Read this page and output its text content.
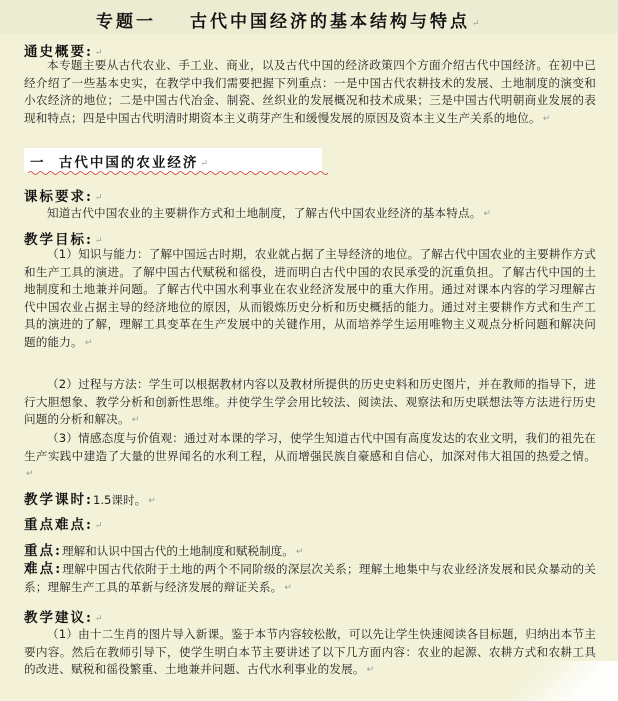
专题一 古代中国经济的基本结构与特点 ↵
通史概要: ↵
本专题主要从古代农业、手工业、商业，以及古代中国的经济政策四个方面介绍古代中国经济。在初中已经介绍了一些基本史实，在教学中我们需要把握下列重点：一是中国古代农耕技术的发展、土地制度的演变和小农经济的地位；二是中国古代冶金、制瓷、丝织业的发展概况和技术成果；三是中国古代明朝商业发展的表现和特点；四是中国古代明清时期资本主义萌芽产生和缓慢发展的原因及资本主义生产关系的地位。 ↵
一  古代中国的农业经济 ↵
课标要求: ↵
知道古代中国农业的主要耕作方式和土地制度，了解古代中国农业经济的基本特点。 ↵
教学目标: ↵
（1）知识与能力：了解中国远古时期，农业就占据了主导经济的地位。了解古代中国农业的主要耕作方式和生产工具的演进。了解中国古代赋税和徭役，进而明白古代中国的农民承受的沉重负担。了解古代中国的土地制度和土地兼并问题。了解古代中国水利事业在农业经济发展中的重大作用。通过对课本内容的学习理解古代中国农业占据主导的经济地位的原因，从而锻炼历史分析和历史概括的能力。通过对主要耕作方式和生产工具的演进的了解，理解工具变革在生产发展中的关键作用，从而培养学生运用唯物主义观点分析问题和解决问题的能力。 ↵
（2）过程与方法：学生可以根据教材内容以及教材所提供的历史史料和历史图片，并在教师的指导下，进行大胆想象、教学分析和创新性思维。并使学生学会用比较法、阅读法、观察法和历史联想法等方法进行历史问题的分析和解决。 ↵
（3）情感态度与价值观：通过对本课的学习，使学生知道古代中国有高度发达的农业文明，我们的祖先在生产实践中建造了大量的世界闻名的水利工程，从而增强民族自豪感和自信心，加深对伟大祖国的热爱之情。↵
教学课时:1.5课时。 ↵
重点难点: ↵
重点:理解和认识中国古代的土地制度和赋税制度。 ↵
难点:理解中国古代依附于土地的两个不同阶级的深层次关系；理解土地集中与农业经济发展和民众暴动的关系；理解生产工具的革新与经济发展的辩证关系。 ↵
教学建议: ↵
（1）由十二生肖的图片导入新课。鉴于本节内容较松散，可以先让学生快速阅读各目标题，归纳出本节主要内容。然后在教师引导下，使学生明白本节主要讲述了以下几方面内容：农业的起源、农耕方式和农耕工具的改进、赋税和徭役繁重、土地兼并问题、古代水利事业的发展。 ↵
